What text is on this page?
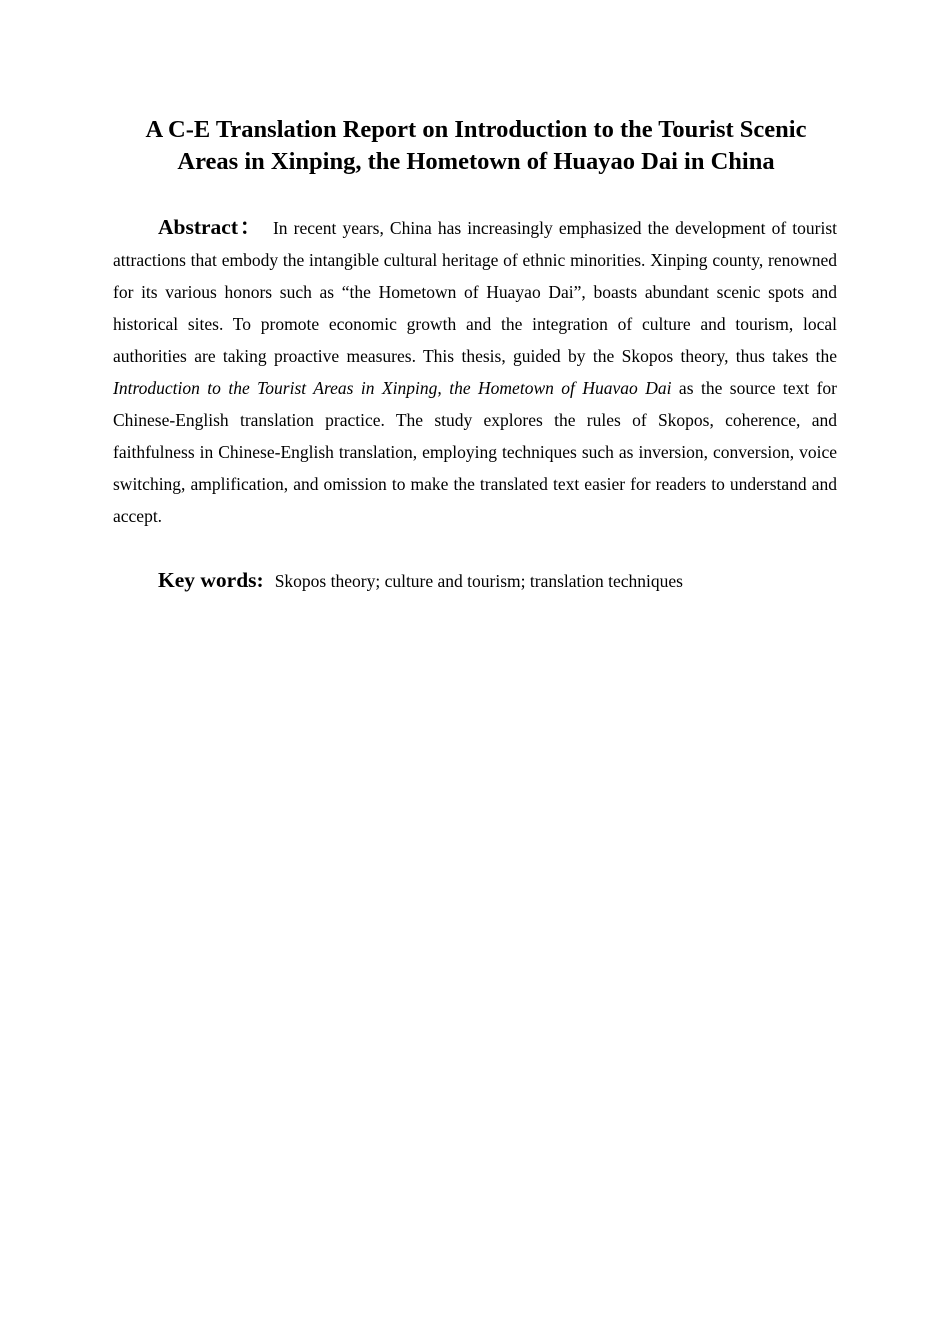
A C-E Translation Report on Introduction to the Tourist Scenic
Areas in Xinping, the Hometown of Huayao Dai in China

Abstract： In recent years, China has increasingly emphasized the development of tourist attractions that embody the intangible cultural heritage of ethnic minorities. Xinping county, renowned for its various honors such as “the Hometown of Huayao Dai”, boasts abundant scenic spots and historical sites. To promote economic growth and the integration of culture and tourism, local authorities are taking proactive measures. This thesis, guided by the Skopos theory, thus takes the Introduction to the Tourist Areas in Xinping, the Hometown of Huavao Dai as the source text for Chinese-English translation practice. The study explores the rules of Skopos, coherence, and faithfulness in Chinese-English translation, employing techniques such as inversion, conversion, voice switching, amplification, and omission to make the translated text easier for readers to understand and accept.

Key words: Skopos theory; culture and tourism; translation techniques
